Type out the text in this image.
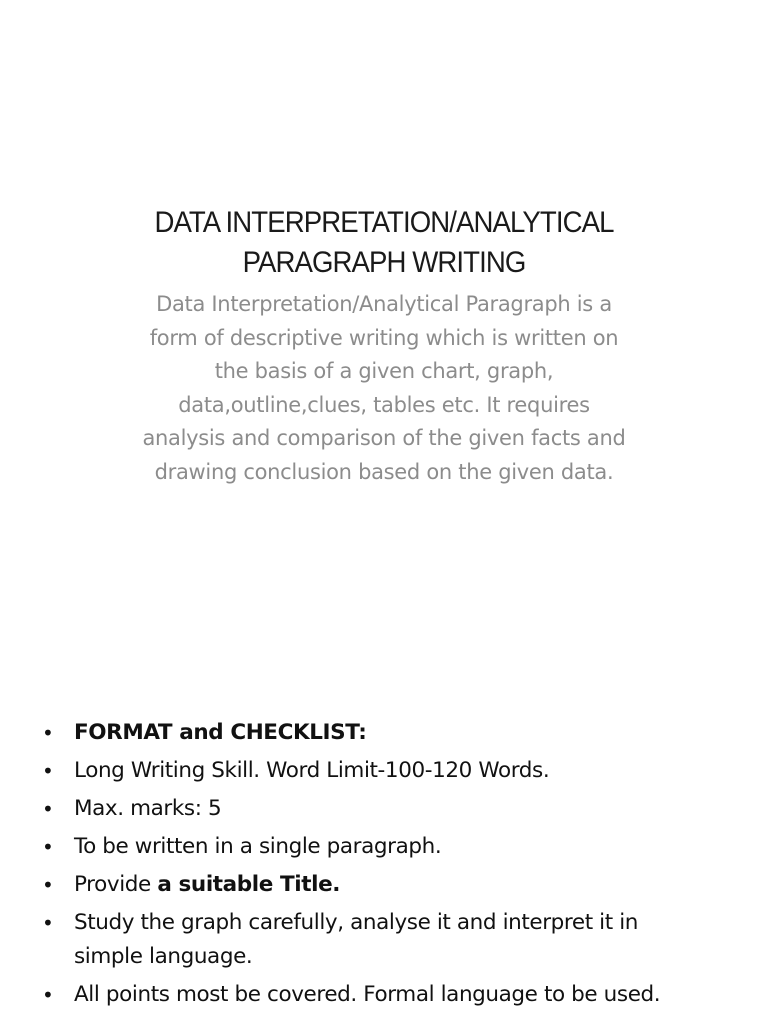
DATA INTERPRETATION/ANALYTICAL
PARAGRAPH WRITING
Data Interpretation/Analytical Paragraph is a
form of descriptive writing which is written on
the basis of a given chart, graph,
data,outline,clues, tables etc. It requires
analysis and comparison of the given facts and
drawing conclusion based on the given data.
• FORMAT and CHECKLIST:
• Long Writing Skill. Word Limit-100-120 Words.
• Max. marks: 5
• To be written in a single paragraph.
• Provide a suitable Title.
• Study the graph carefully, analyse it and interpret it in
simple language.
• All points most be covered. Formal language to be used.
